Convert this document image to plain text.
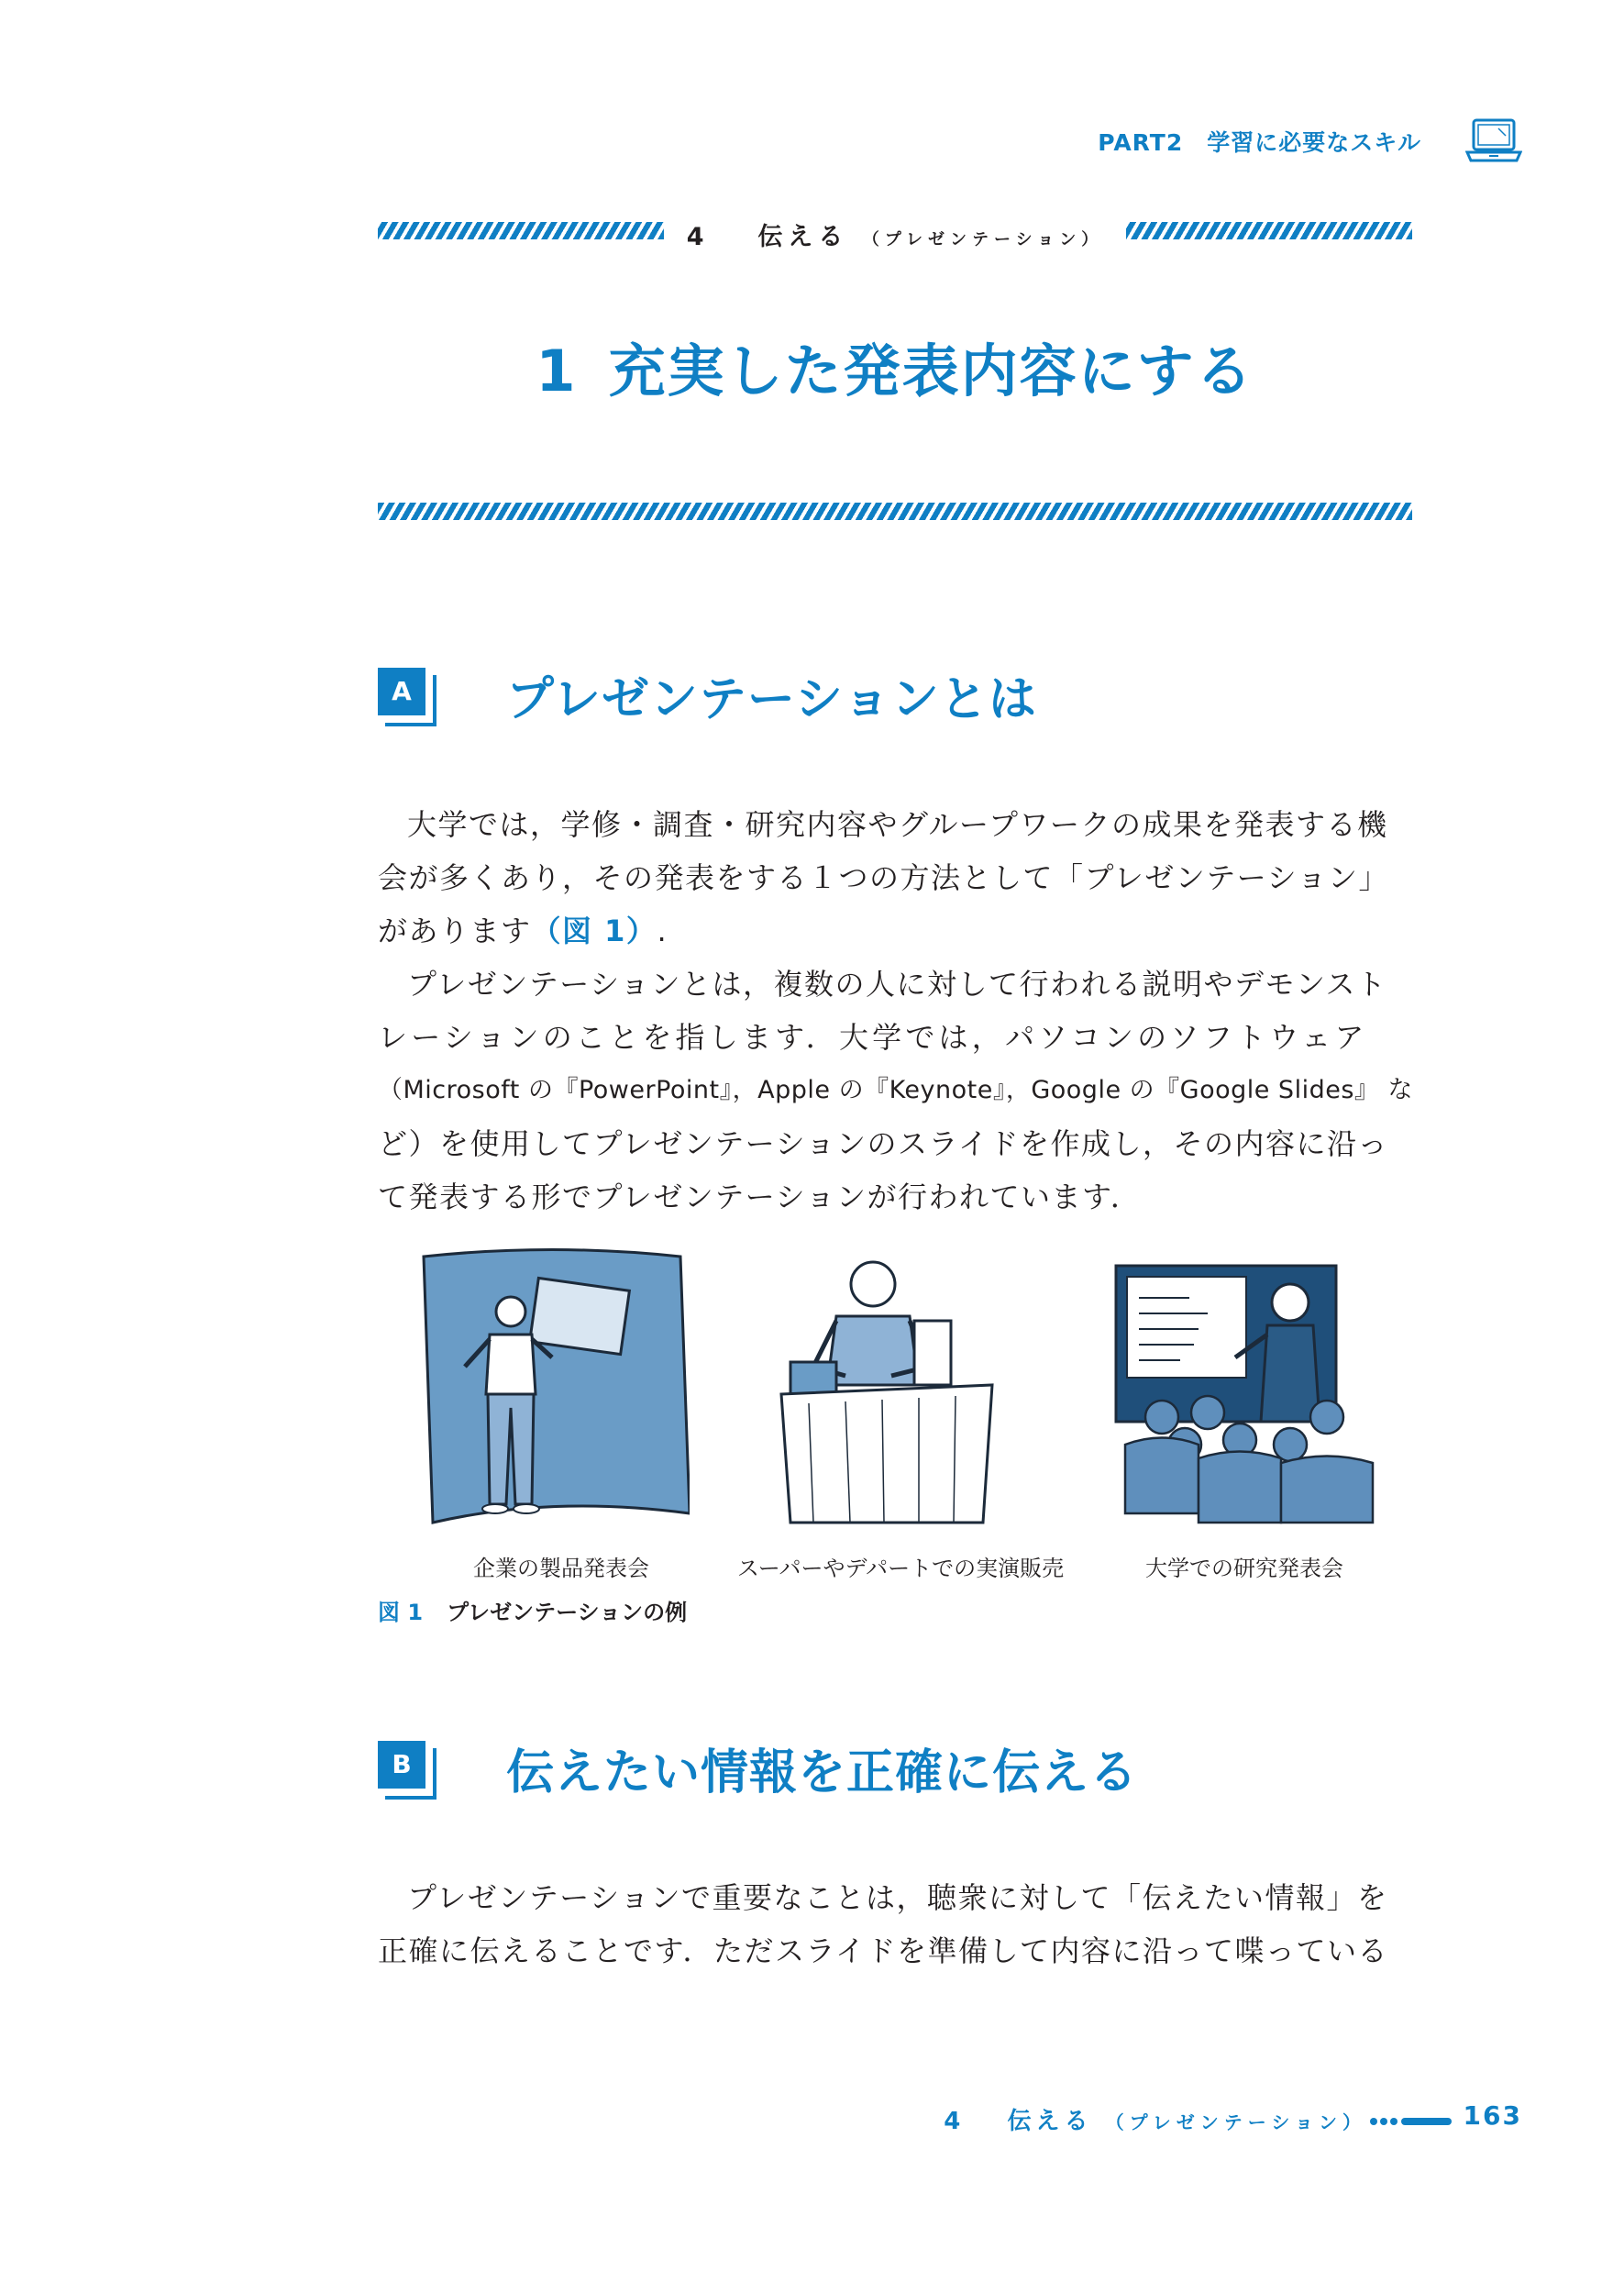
PART2　学習に必要なスキル
4 伝える （プレゼンテーション）
1 充実した発表内容にする
A プレゼンテーションとは
大学では，学修・調査・研究内容やグループワークの成果を発表する機
会が多くあり，その発表をする１つの方法として「プレゼンテーション」
があります（図 1）.
プレゼンテーションとは，複数の人に対して行われる説明やデモンスト
レーションのことを指します．大学では，パソコンのソフトウェア
（Microsoft の『PowerPoint』，Apple の『Keynote』，Google の『Google Slides』 な
ど）を使用してプレゼンテーションのスライドを作成し，その内容に沿っ
て発表する形でプレゼンテーションが行われています．
企業の製品発表会	スーパーやデパートでの実演販売	大学での研究発表会
図 1 プレゼンテーションの例
B 伝えたい情報を正確に伝える
プレゼンテーションで重要なことは，聴衆に対して「伝えたい情報」を
正確に伝えることです．ただスライドを準備して内容に沿って喋っている
4 伝える （プレゼンテーション）	163
